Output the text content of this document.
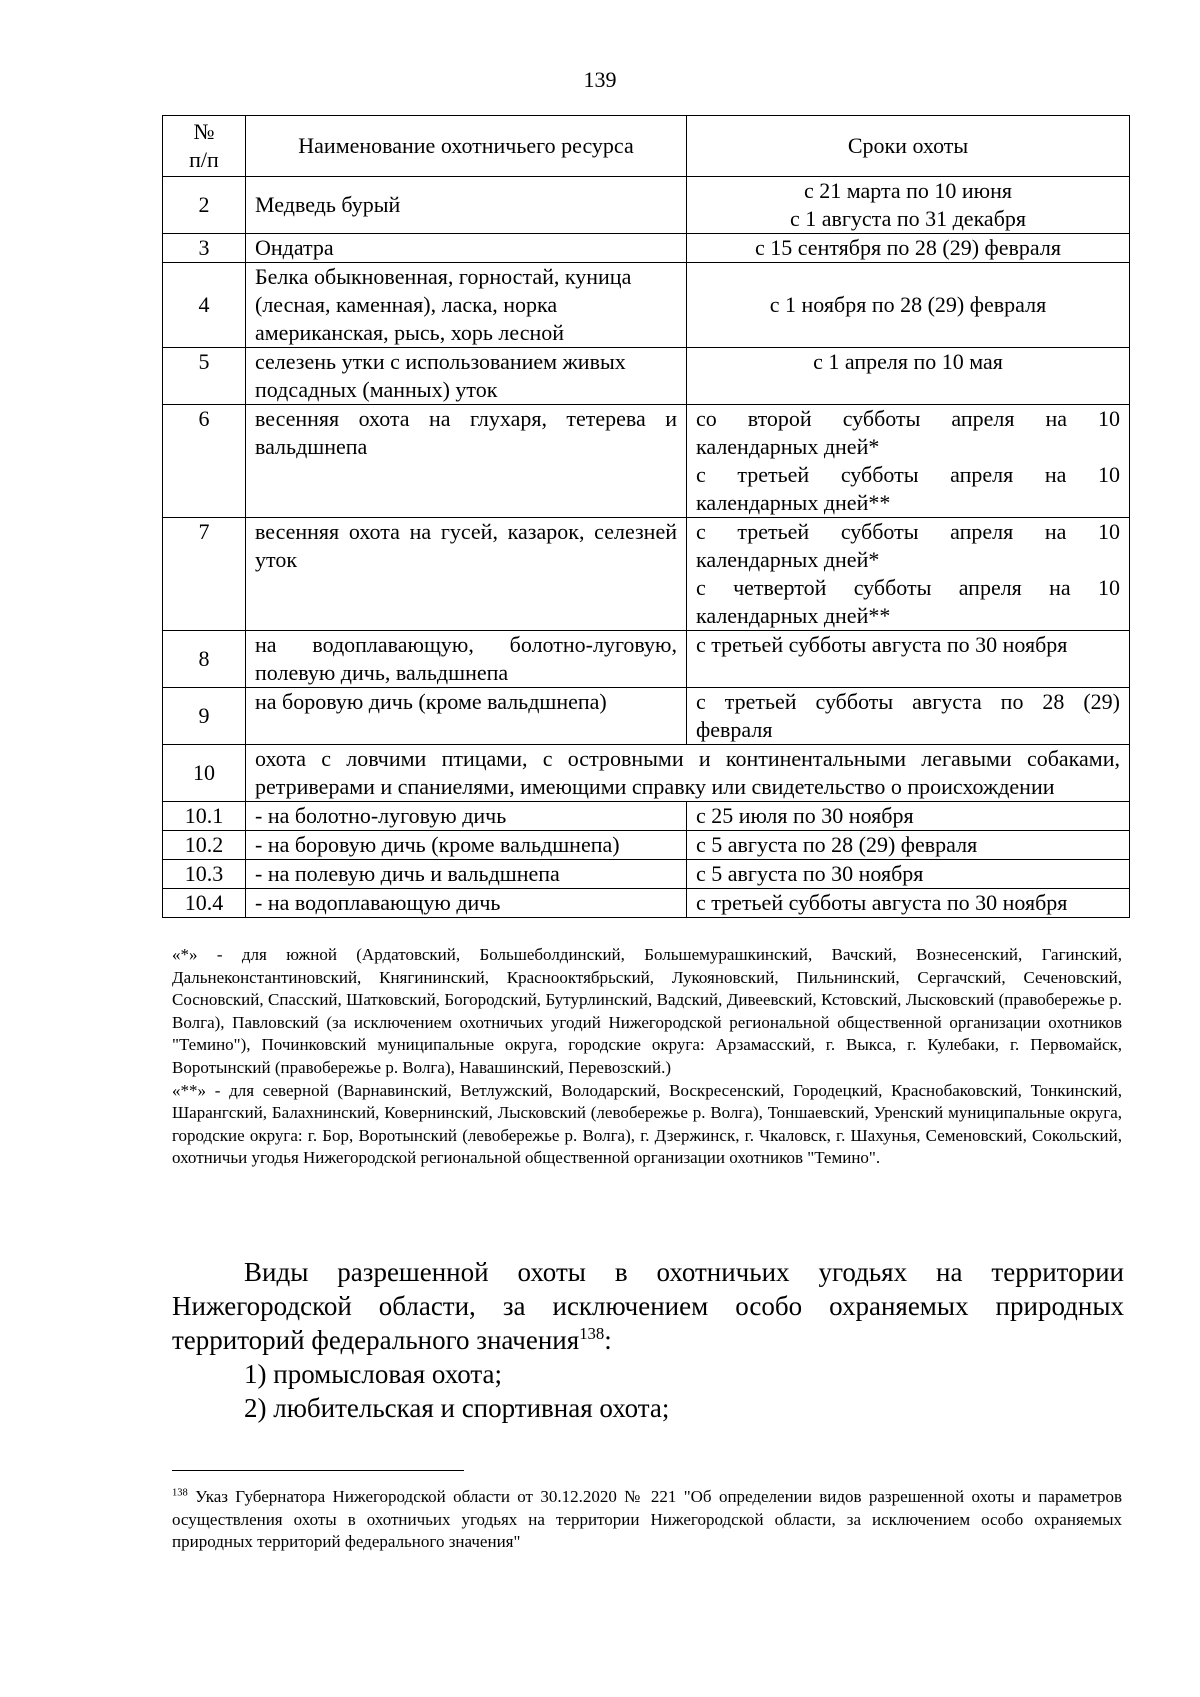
139
№
п/п	Наименование охотничьего ресурса	Сроки охоты
2	Медведь бурый	с 21 марта по 10 июня
с 1 августа по 31 декабря
3	Ондатра	с 15 сентября по 28 (29) февраля
4	Белка обыкновенная, горностай, куница (лесная, каменная), ласка, норка американская, рысь, хорь лесной	с 1 ноября по 28 (29) февраля
5	селезень утки с использованием живых подсадных (манных) уток	с 1 апреля по 10 мая
6	весенняя охота на глухаря, тетерева и вальдшнепа	со второй субботы апреля на 10
календарных дней*
с третьей субботы апреля на 10
календарных дней**

7	весенняя охота на гусей, казарок, селезней уток	с третьей субботы апреля на 10
календарных дней*
с четвертой субботы апреля на 10
календарных дней**

8	на водоплавающую, болотно-луговую, полевую дичь, вальдшнепа	с третьей субботы августа по 30 ноября
9	на боровую дичь (кроме вальдшнепа)	с третьей субботы августа по 28 (29)
февраля

10	охота с ловчими птицами, с островными и континентальными легавыми собаками, ретриверами и спаниелями, имеющими справку или свидетельство о происхождении	
10.1	- на болотно-луговую дичь	с 25 июля по 30 ноября
10.2	- на боровую дичь (кроме вальдшнепа)	с 5 августа по 28 (29) февраля
10.3	- на полевую дичь и вальдшнепа	с 5 августа по 30 ноября
10.4	- на водоплавающую дичь	с третьей субботы августа по 30 ноября

«*» - для южной (Ардатовский, Большеболдинский, Большемурашкинский, Вачский, Вознесенский, Гагинский, Дальнеконстантиновский, Княгининский, Краснооктябрьский, Лукояновский, Пильнинский, Сергачский, Сеченовский, Сосновский, Спасский, Шатковский, Богородский, Бутурлинский, Вадский, Дивеевский, Кстовский, Лысковский (правобережье р. Волга), Павловский (за исключением охотничьих угодий Нижегородской региональной общественной организации охотников "Темино"), Починковский муниципальные округа, городские округа: Арзамасский, г. Выкса, г. Кулебаки, г. Первомайск, Воротынский (правобережье р. Волга), Навашинский, Перевозский.)

«**» - для северной (Варнавинский, Ветлужский, Володарский, Воскресенский, Городецкий, Краснобаковский, Тонкинский, Шарангский, Балахнинский, Ковернинский, Лысковский (левобережье р. Волга), Тоншаевский, Уренский муниципальные округа, городские округа: г. Бор, Воротынский (левобережье р. Волга), г. Дзержинск, г. Чкаловск, г. Шахунья, Семеновский, Сокольский, охотничьи угодья Нижегородской региональной общественной организации охотников "Темино".

Виды разрешенной охоты в охотничьих угодьях на территории Нижегородской области, за исключением особо охраняемых природных территорий федерального значения$^{138}$:

1) промысловая охота;

2) любительская и спортивная охота;

$^{138}$ Указ Губернатора Нижегородской области от 30.12.2020 № 221 "Об определении видов разрешенной охоты и параметров осуществления охоты в охотничьих угодьях на территории Нижегородской области, за исключением особо охраняемых природных территорий федерального значения"
